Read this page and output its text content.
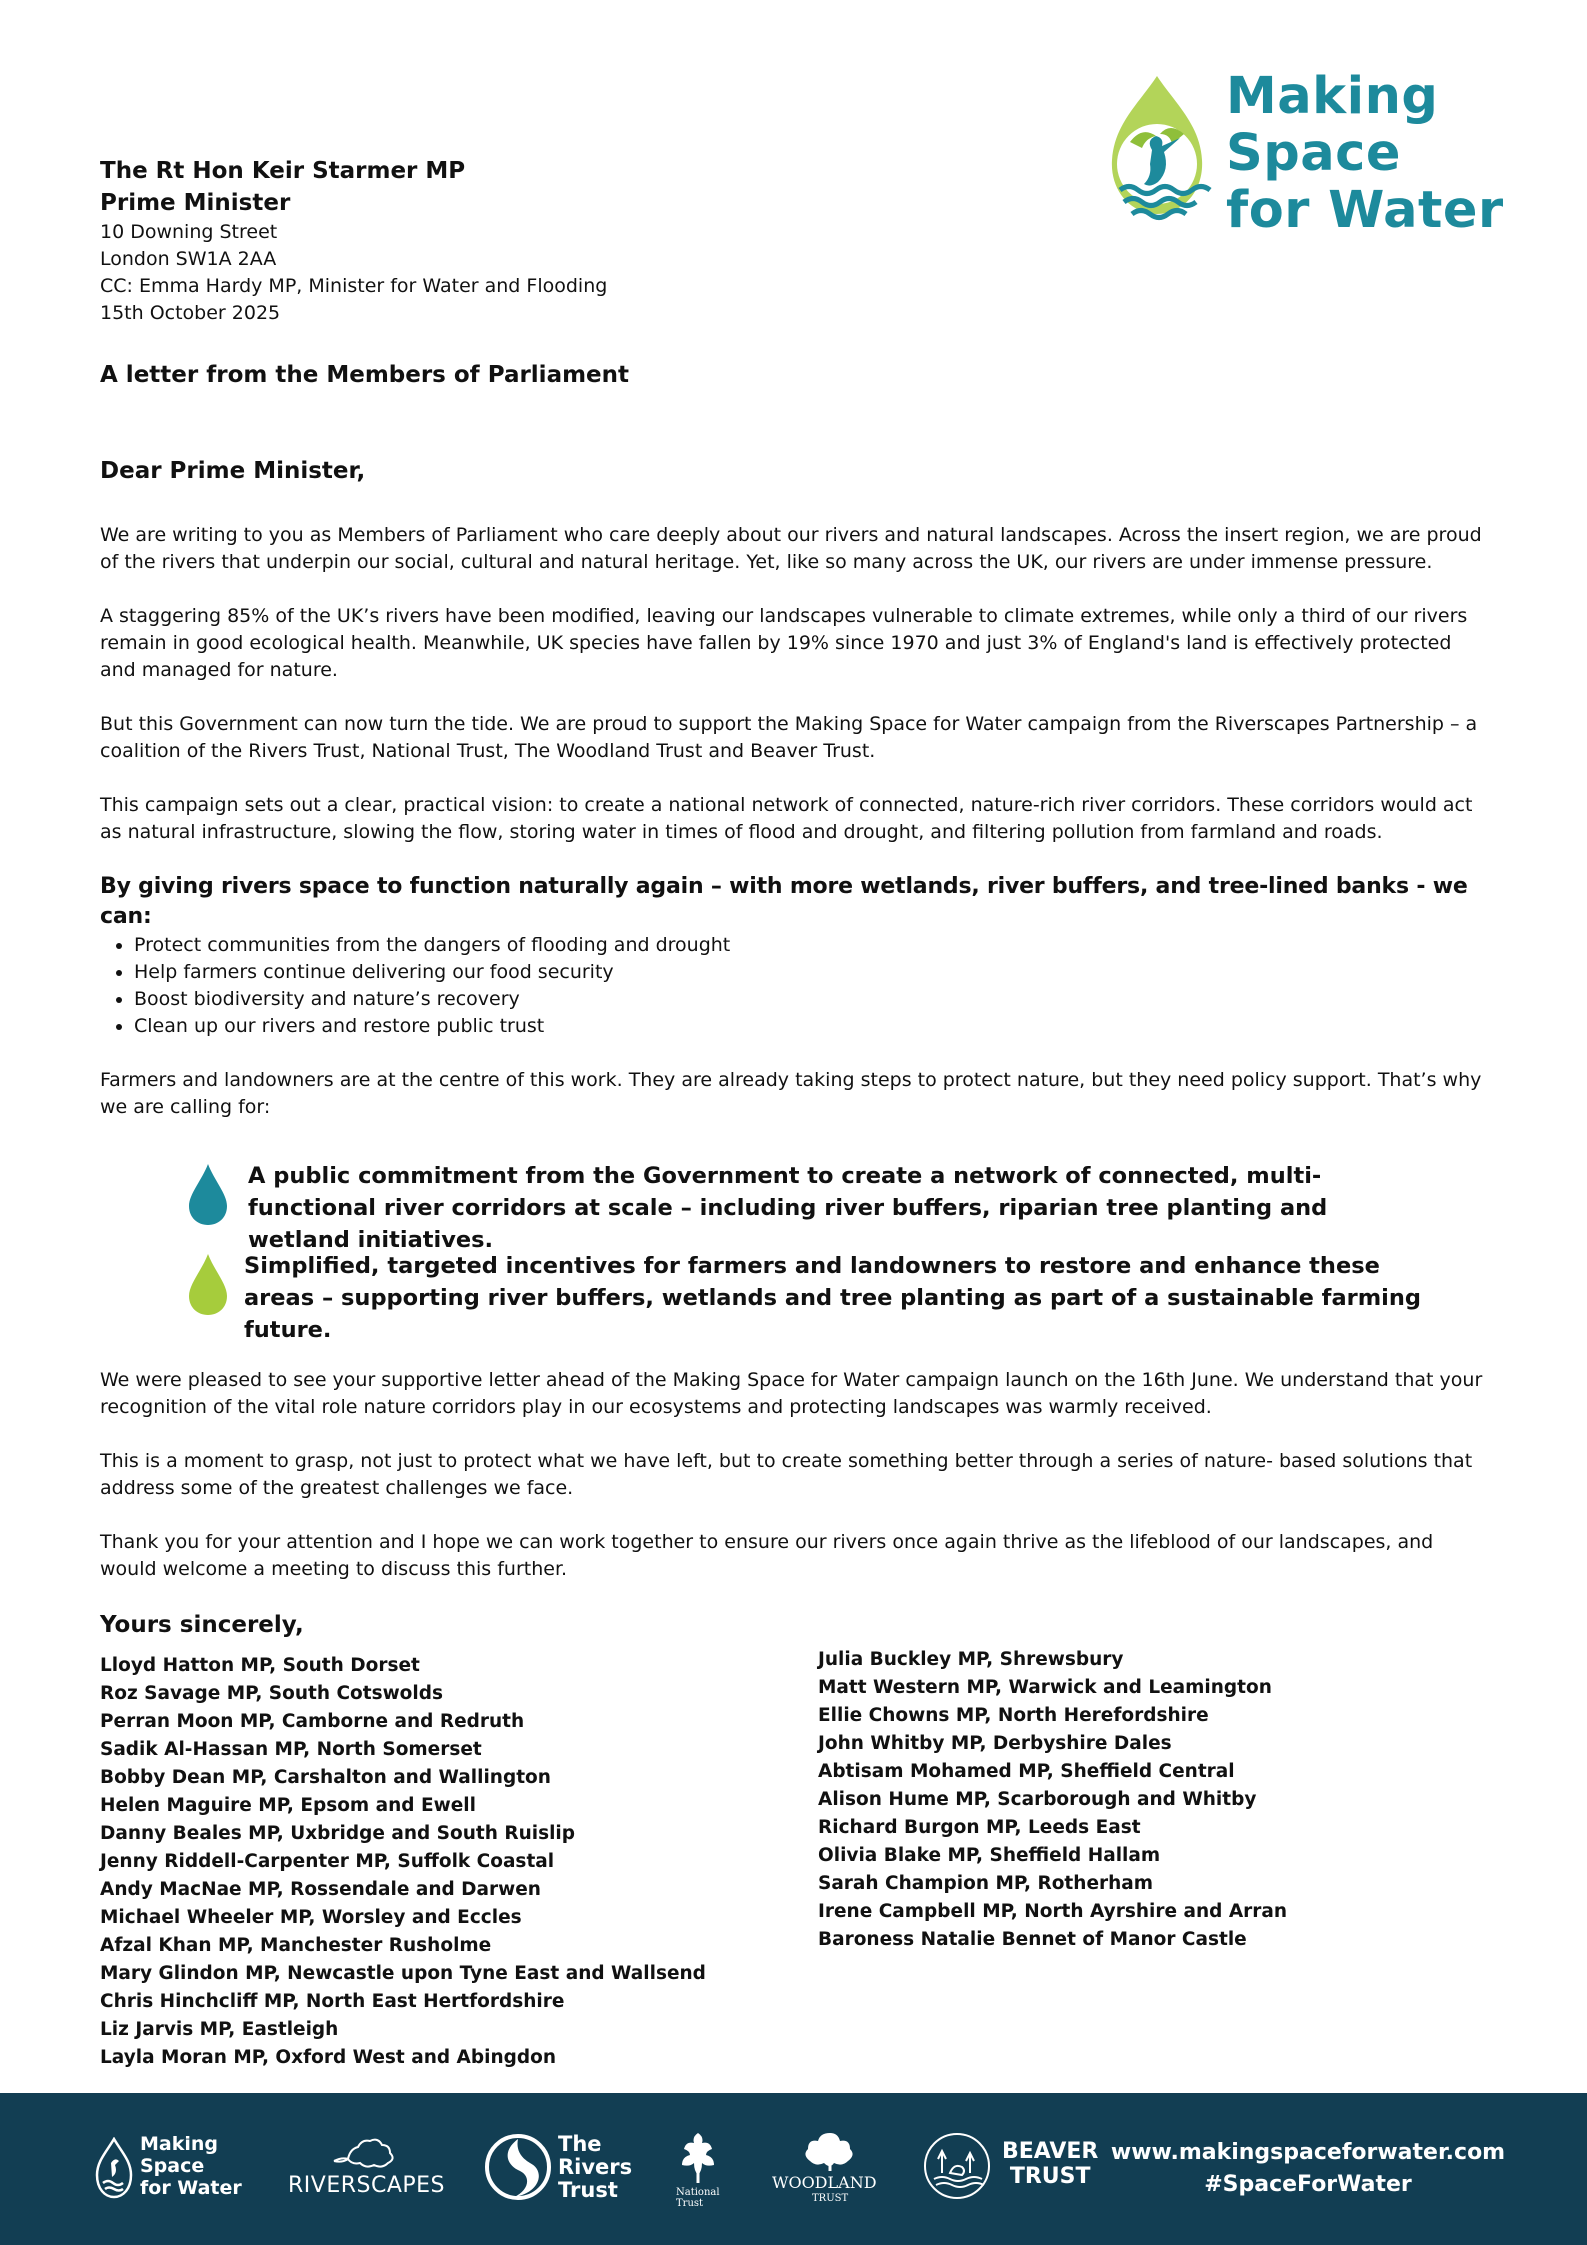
Making
Space
for Water
The Rt Hon Keir Starmer MP
Prime Minister
10 Downing Street
London SW1A 2AA
CC: Emma Hardy MP, Minister for Water and Flooding
15th October 2025
A letter from the Members of Parliament
Dear Prime Minister,
We are writing to you as Members of Parliament who care deeply about our rivers and natural landscapes. Across the insert region, we are proud of the rivers that underpin our social, cultural and natural heritage. Yet, like so many across the UK, our rivers are under immense pressure.
A staggering 85% of the UK’s rivers have been modified, leaving our landscapes vulnerable to climate extremes, while only a third of our rivers remain in good ecological health. Meanwhile, UK species have fallen by 19% since 1970 and just 3% of England's land is effectively protected and managed for nature.
But this Government can now turn the tide. We are proud to support the Making Space for Water campaign from the Riverscapes Partnership – a coalition of the Rivers Trust, National Trust, The Woodland Trust and Beaver Trust.
This campaign sets out a clear, practical vision: to create a national network of connected, nature-rich river corridors. These corridors would act as natural infrastructure, slowing the flow, storing water in times of flood and drought, and filtering pollution from farmland and roads.
By giving rivers space to function naturally again – with more wetlands, river buffers, and tree-lined banks - we can:
• Protect communities from the dangers of flooding and drought
• Help farmers continue delivering our food security
• Boost biodiversity and nature’s recovery
• Clean up our rivers and restore public trust
Farmers and landowners are at the centre of this work. They are already taking steps to protect nature, but they need policy support. That’s why we are calling for:
A public commitment from the Government to create a network of connected, multi-functional river corridors at scale – including river buffers, riparian tree planting and wetland initiatives.
Simplified, targeted incentives for farmers and landowners to restore and enhance these areas – supporting river buffers, wetlands and tree planting as part of a sustainable farming future.
We were pleased to see your supportive letter ahead of the Making Space for Water campaign launch on the 16th June. We understand that your recognition of the vital role nature corridors play in our ecosystems and protecting landscapes was warmly received.
This is a moment to grasp, not just to protect what we have left, but to create something better through a series of nature- based solutions that address some of the greatest challenges we face.
Thank you for your attention and I hope we can work together to ensure our rivers once again thrive as the lifeblood of our landscapes, and would welcome a meeting to discuss this further.
Yours sincerely,
Lloyd Hatton MP, South Dorset
Roz Savage MP, South Cotswolds
Perran Moon MP, Camborne and Redruth
Sadik Al-Hassan MP, North Somerset
Bobby Dean MP, Carshalton and Wallington
Helen Maguire MP, Epsom and Ewell
Danny Beales MP, Uxbridge and South Ruislip
Jenny Riddell-Carpenter MP, Suffolk Coastal
Andy MacNae MP, Rossendale and Darwen
Michael Wheeler MP, Worsley and Eccles
Afzal Khan MP, Manchester Rusholme
Mary Glindon MP, Newcastle upon Tyne East and Wallsend
Chris Hinchcliff MP, North East Hertfordshire
Liz Jarvis MP, Eastleigh
Layla Moran MP, Oxford West and Abingdon
Julia Buckley MP, Shrewsbury
Matt Western MP, Warwick and Leamington
Ellie Chowns MP, North Herefordshire
John Whitby MP, Derbyshire Dales
Abtisam Mohamed MP, Sheffield Central
Alison Hume MP, Scarborough and Whitby
Richard Burgon MP, Leeds East
Olivia Blake MP, Sheffield Hallam
Sarah Champion MP, Rotherham
Irene Campbell MP, North Ayrshire and Arran
Baroness Natalie Bennet of Manor Castle
Making
Space
for Water RIVERSCAPES
The
Rivers
Trust	National
Trust
WOODLAND
TRUST
BEAVER
TRUST
www.makingspaceforwater.com
#SpaceForWater
